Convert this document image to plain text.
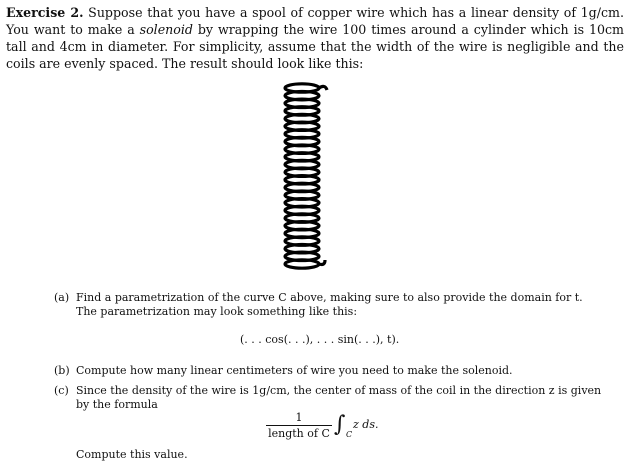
Exercise 2. Suppose that you have a spool of copper wire which has a linear density of 1g/cm. You want to make a solenoid by wrapping the wire 100 times around a cylinder which is 10cm tall and 4cm in diameter. For simplicity, assume that the width of the wire is negligible and the coils are evenly spaced. The result should look like this:
(a) Find a parametrization of the curve C above, making sure to also provide the domain for t.
The parametrization may look something like this:
(. . . cos(. . .), . . . sin(. . .), t).
(b) Compute how many linear centimeters of wire you need to make the solenoid.
(c) Since the density of the wire is 1g/cm, the center of mass of the coil in the direction z is given
by the formula
1
length of C ∫ C
z ds.
Compute this value.
